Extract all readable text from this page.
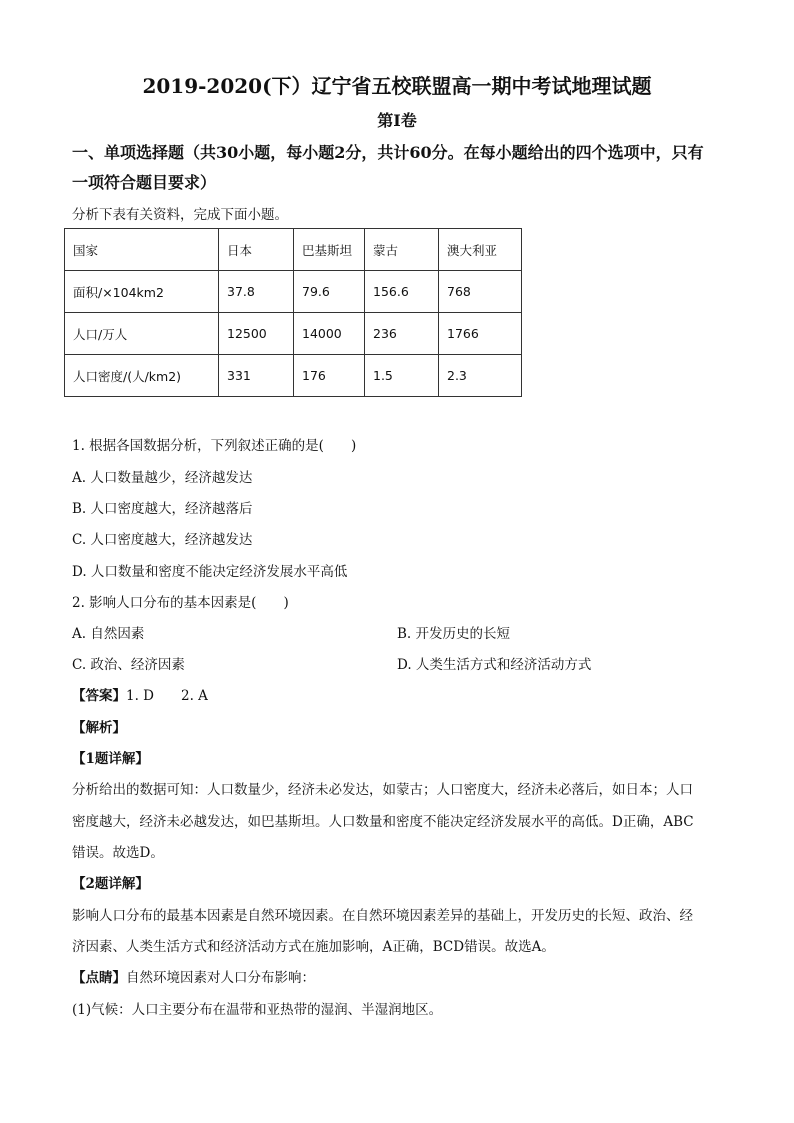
2019-2020(下）辽宁省五校联盟高一期中考试地理试题
第Ⅰ卷
一、单项选择题（共30小题，每小题2分，共计60分。在每小题给出的四个选项中，只有
一项符合题目要求）
分析下表有关资料，完成下面小题。
国家	日本	巴基斯坦	蒙古	澳大利亚
面积/×104km2	37.8	79.6	156.6	768
人口/万人	12500	14000	236	1766
人口密度/(人/km2)	331	176	1.5	2.3
1. 根据各国数据分析，下列叙述正确的是(　　)
A. 人口数量越少，经济越发达
B. 人口密度越大，经济越落后
C. 人口密度越大，经济越发达
D. 人口数量和密度不能决定经济发展水平高低
2. 影响人口分布的基本因素是(　　)
A. 自然因素	B. 开发历史的长短
C. 政治、经济因素	D. 人类生活方式和经济活动方式
【答案】1. D　　2. A
【解析】
【1题详解】
分析给出的数据可知：人口数量少，经济未必发达，如蒙古；人口密度大，经济未必落后，如日本；人口
密度越大，经济未必越发达，如巴基斯坦。人口数量和密度不能决定经济发展水平的高低。D正确，ABC
错误。故选D。
【2题详解】
影响人口分布的最基本因素是自然环境因素。在自然环境因素差异的基础上，开发历史的长短、政治、经
济因素、人类生活方式和经济活动方式在施加影响，A正确，BCD错误。故选A。
【点睛】自然环境因素对人口分布影响：
(1)气候：人口主要分布在温带和亚热带的湿润、半湿润地区。
